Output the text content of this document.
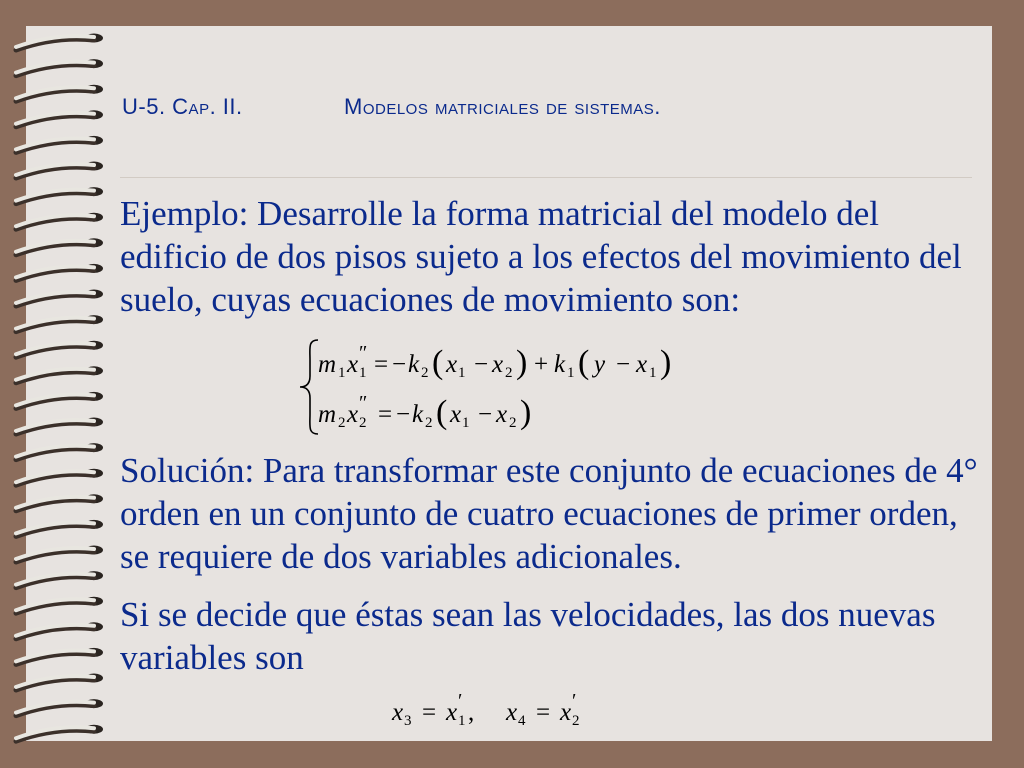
U-5. Cap. II.	Modelos matriciales de sistemas.

Ejemplo: Desarrolle la forma matricial del modelo del edificio de dos pisos sujeto a los efectos del movimiento del suelo, cuyas ecuaciones de movimiento son:

m 1 x 1
″ = − k 2 ( x 1 − x 2 ) + k 1 ( y − x 1 )
m 2 x 2
″ = − k 2 ( x 1 − x 2 )

Solución: Para transformar este conjunto de ecuaciones de 4° orden en un conjunto de cuatro ecuaciones de primer orden, se requiere de dos variables adicionales.

Si se decide que éstas sean las velocidades, las dos nuevas variables son

x 3 = x 1
′ , x 4 = x 2
′
